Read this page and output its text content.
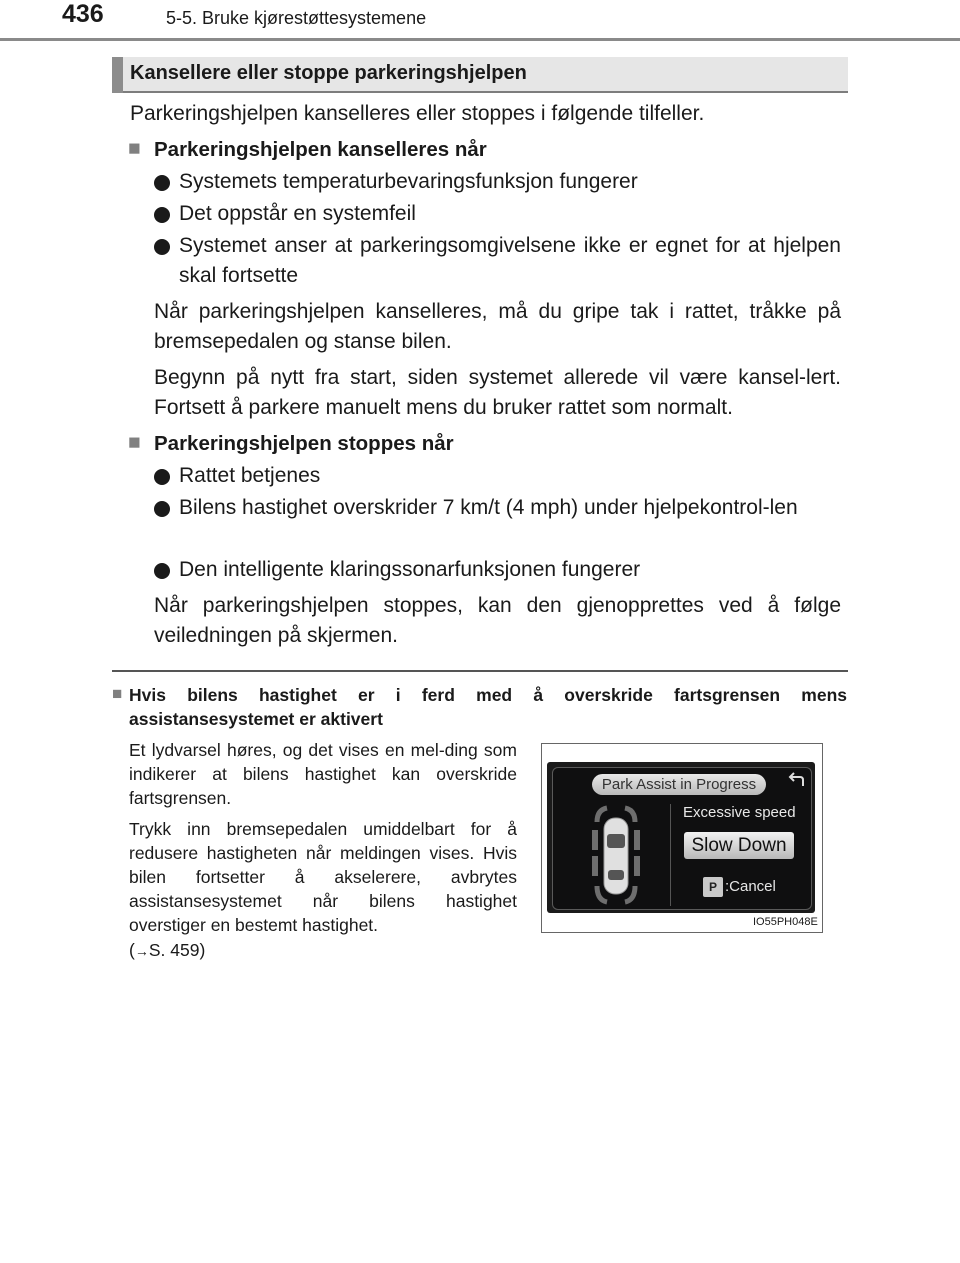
436	5-5. Bruke kjørestøttesystemene
Kansellere eller stoppe parkeringshjelpen
Parkeringshjelpen kanselleres eller stoppes i følgende tilfeller.
■ Parkeringshjelpen kanselleres når
Systemets temperaturbevaringsfunksjon fungerer
Det oppstår en systemfeil
Systemet anser at parkeringsomgivelsene ikke er egnet for at hjelpen skal fortsette
Når parkeringshjelpen kanselleres, må du gripe tak i rattet, tråkke på bremsepedalen og stanse bilen.
Begynn på nytt fra start, siden systemet allerede vil være kansel-lert. Fortsett å parkere manuelt mens du bruker rattet som normalt.
■ Parkeringshjelpen stoppes når
Rattet betjenes
Bilens hastighet overskrider 7 km/t (4 mph) under hjelpekontrol-len
Den intelligente klaringssonarfunksjonen fungerer
Når parkeringshjelpen stoppes, kan den gjenopprettes ved å følge veiledningen på skjermen.
■ Hvis bilens hastighet er i ferd med å overskride fartsgrensen mens assistansesystemet er aktivert
Et lydvarsel høres, og det vises en mel-ding som indikerer at bilens hastighet kan overskride fartsgrensen.
Trykk inn bremsepedalen umiddelbart for å redusere hastigheten når meldingen vises. Hvis bilen fortsetter å akselerere, avbrytes assistansesystemet når bilens hastighet overstiger en bestemt hastighet.
(→S. 459)
Park Assist in Progress
Excessive speed
Slow Down
P :Cancel
IO55PH048E
